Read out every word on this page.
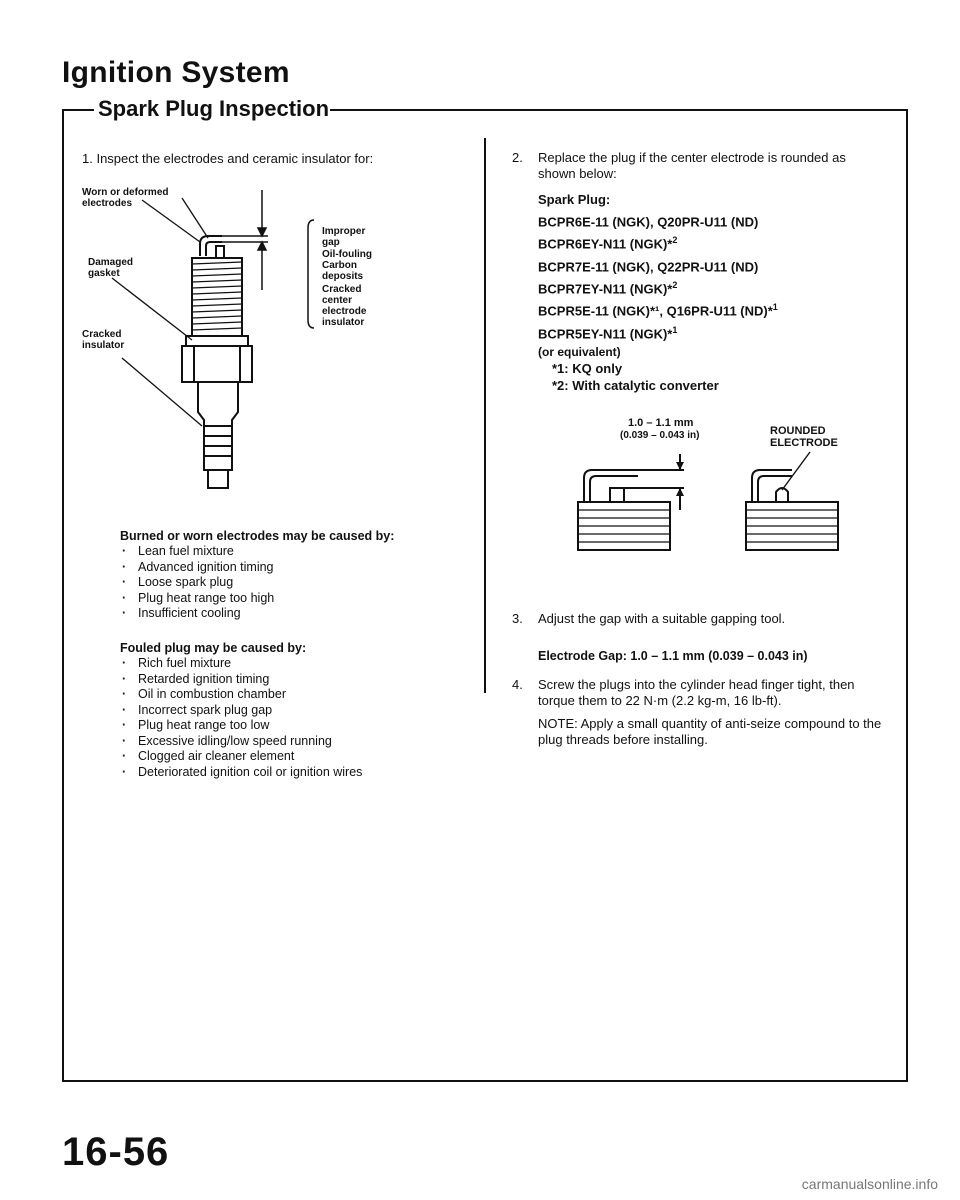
Ignition System
Spark Plug Inspection
1. Inspect the electrodes and ceramic insulator for:
Worn or deformed electrodes
Damaged gasket
Cracked insulator
Improper gap
Oil-fouling
Carbon deposits
Cracked center electrode insulator
Burned or worn electrodes may be caused by:
· Lean fuel mixture
· Advanced ignition timing
· Loose spark plug
· Plug heat range too high
· Insufficient cooling
Fouled plug may be caused by:
· Rich fuel mixture
· Retarded ignition timing
· Oil in combustion chamber
· Incorrect spark plug gap
· Plug heat range too low
· Excessive idling/low speed running
· Clogged air cleaner element
· Deteriorated ignition coil or ignition wires
2. Replace the plug if the center electrode is rounded as shown below:
Spark Plug:
BCPR6E-11 (NGK), Q20PR-U11 (ND)
BCPR6EY-N11 (NGK)*$^2$
BCPR7E-11 (NGK), Q22PR-U11 (ND)
BCPR7EY-N11 (NGK)*$^2$
BCPR5E-11 (NGK)*¹, Q16PR-U11 (ND)*$^1$
BCPR5EY-N11 (NGK)*$^1$
(or equivalent)
*1: KQ only
*2: With catalytic converter
1.0 – 1.1 mm
(0.039 – 0.043 in)	ROUNDED
ELECTRODE
3. Adjust the gap with a suitable gapping tool.
Electrode Gap: 1.0 – 1.1 mm (0.039 – 0.043 in)
4. Screw the plugs into the cylinder head finger tight, then torque them to 22 N·m (2.2 kg-m, 16 lb-ft).
NOTE: Apply a small quantity of anti-seize compound to the plug threads before installing.
16-56
carmanualsonline.info
